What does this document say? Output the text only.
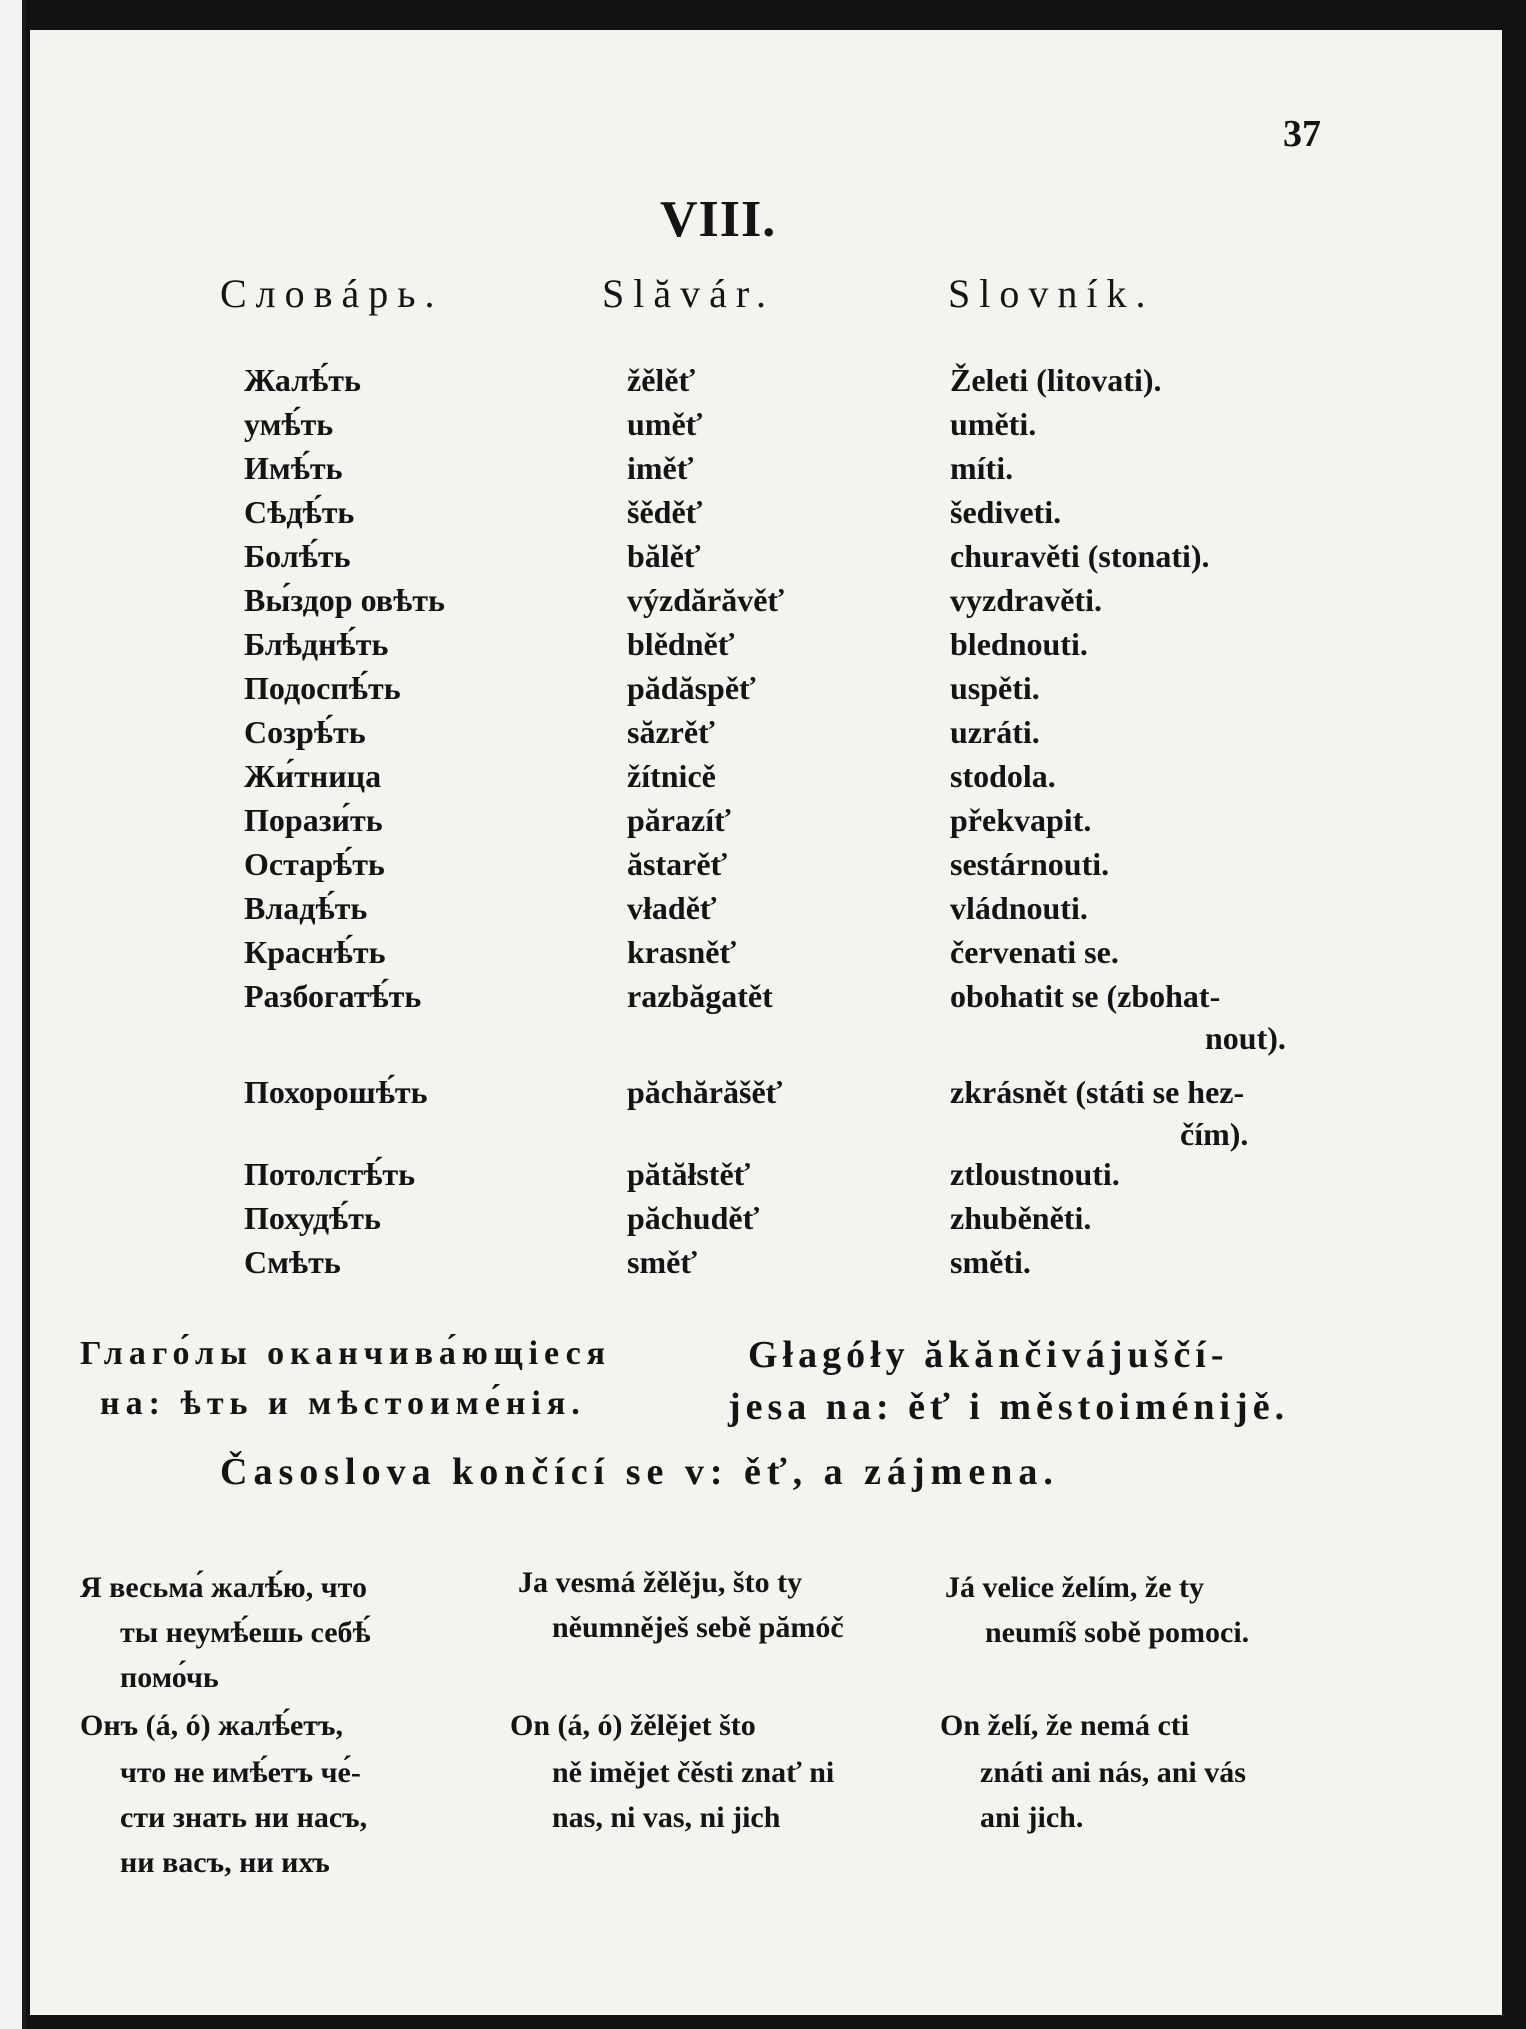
37
VIII.
Словáрь.	Slăvár.	Slovník.
Жалѣ́ть	žělěť	Želeti (litovati).
умѣ́ть	uměť	uměti.
Имѣ́ть	iměť	míti.
Сѣдѣ́ть	šěděť	šediveti.
Болѣ́ть	bălěť	churavěti (stonati).
Вы́здор овѣть	výzdărăvěť	vyzdravěti.
Блѣднѣ́ть	blědněť	blednouti.
Подоспѣ́ть	pădăspěť	uspěti.
Созрѣ́ть	săzrěť	uzráti.
Жи́тница	žítnicě	stodola.
Порази́ть	părazíť	překvapit.
Остарѣ́ть	ăstarěť	sestárnouti.
Владѣ́ть	vładěť	vládnouti.
Краснѣ́ть	krasněť	červenati se.
Разбогатѣ́ть	razbăgatět	obohatit se (zbohat-
nout).
Похорошѣ́ть	păchărăšěť	zkrásnět (státi se hez-
čím).
Потолстѣ́ть	pătăłstěť	ztloustnouti.
Похудѣ́ть	păchuděť	zhuběněti.
Смѣть	směť	směti.
Глаго́лы оканчива́ющіеся
на: ѣть и мѣстоиме́нія.
Głagóły ăkănčivájuščí-
jesa na: ěť i městoiménijě.
Časoslova končící se v: ěť, a zájmena.
Я весьма́ жалѣ́ю, что
ты неумѣ́ешь себѣ́
помо́чь
Онъ (á, ó) жалѣ́етъ,
что не имѣ́етъ че́-
сти знать ни насъ,
ни васъ, ни ихъ
Ja vesmá žělěju, što ty
něumněješ sebě pămóč
On (á, ó) žělějet što
ně imějet čěsti znať ni
nas, ni vas, ni jich
Já velice želím, že ty
neumíš sobě pomoci.
On želí, že nemá cti
znáti ani nás, ani vás
ani jich.
